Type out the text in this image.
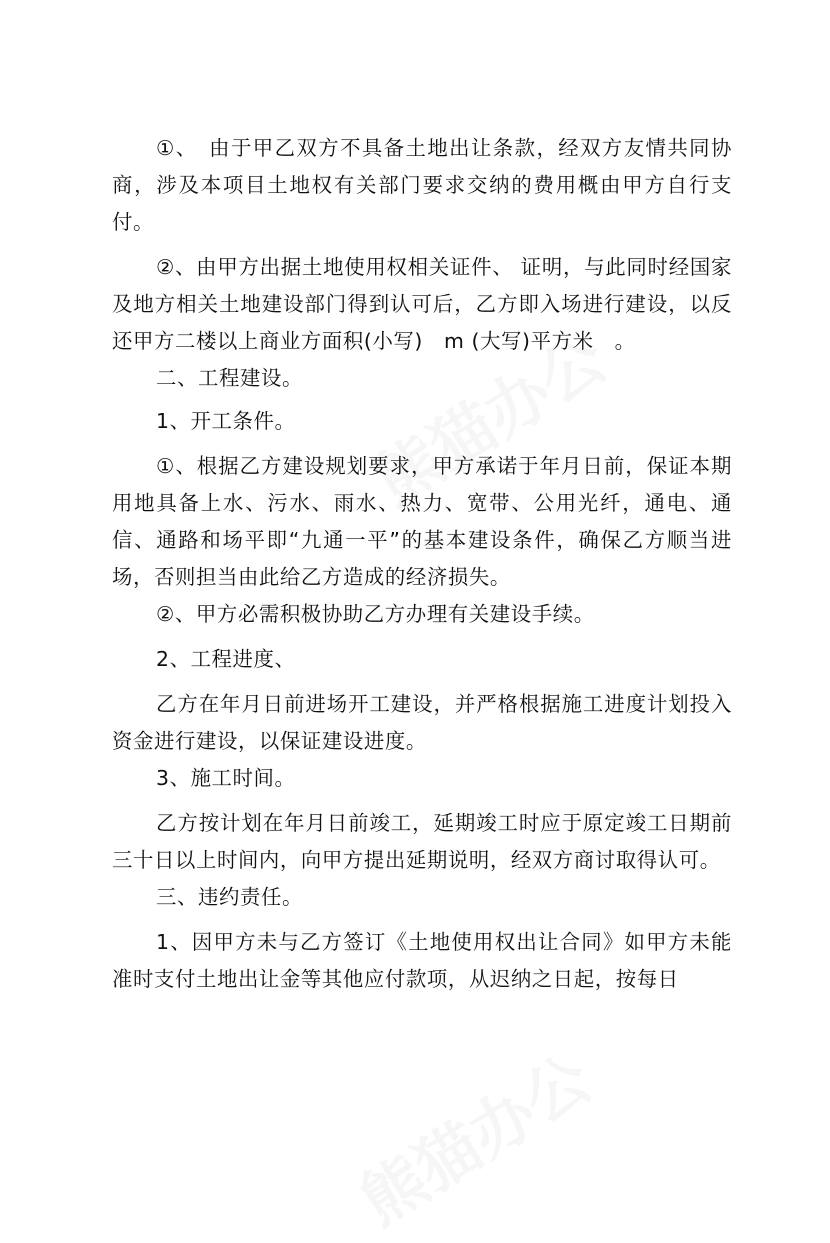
①、　由于甲乙双方不具备土地出让条款，经双方友情共同协商，涉及本项目土地权有关部门要求交纳的费用概由甲方自行支付。

②、由甲方出据土地使用权相关证件、 证明，与此同时经国家及地方相关土地建设部门得到认可后，乙方即入场进行建设，以反还甲方二楼以上商业方面积(小写)　m (大写)平方米　。

二、工程建设。

1、开工条件。

①、根据乙方建设规划要求，甲方承诺于年月日前，保证本期用地具备上水、污水、雨水、热力、宽带、公用光纤，通电、通信、通路和场平即“九通一平”的基本建设条件，确保乙方顺当进场，否则担当由此给乙方造成的经济损失。

②、甲方必需积极协助乙方办理有关建设手续。

2、工程进度、

乙方在年月日前进场开工建设，并严格根据施工进度计划投入资金进行建设，以保证建设进度。

3、施工时间。

乙方按计划在年月日前竣工，延期竣工时应于原定竣工日期前三十日以上时间内，向甲方提出延期说明，经双方商讨取得认可。

三、违约责任。

1、因甲方未与乙方签订《土地使用权出让合同》如甲方未能准时支付土地出让金等其他应付款项，从迟纳之日起，按每日
